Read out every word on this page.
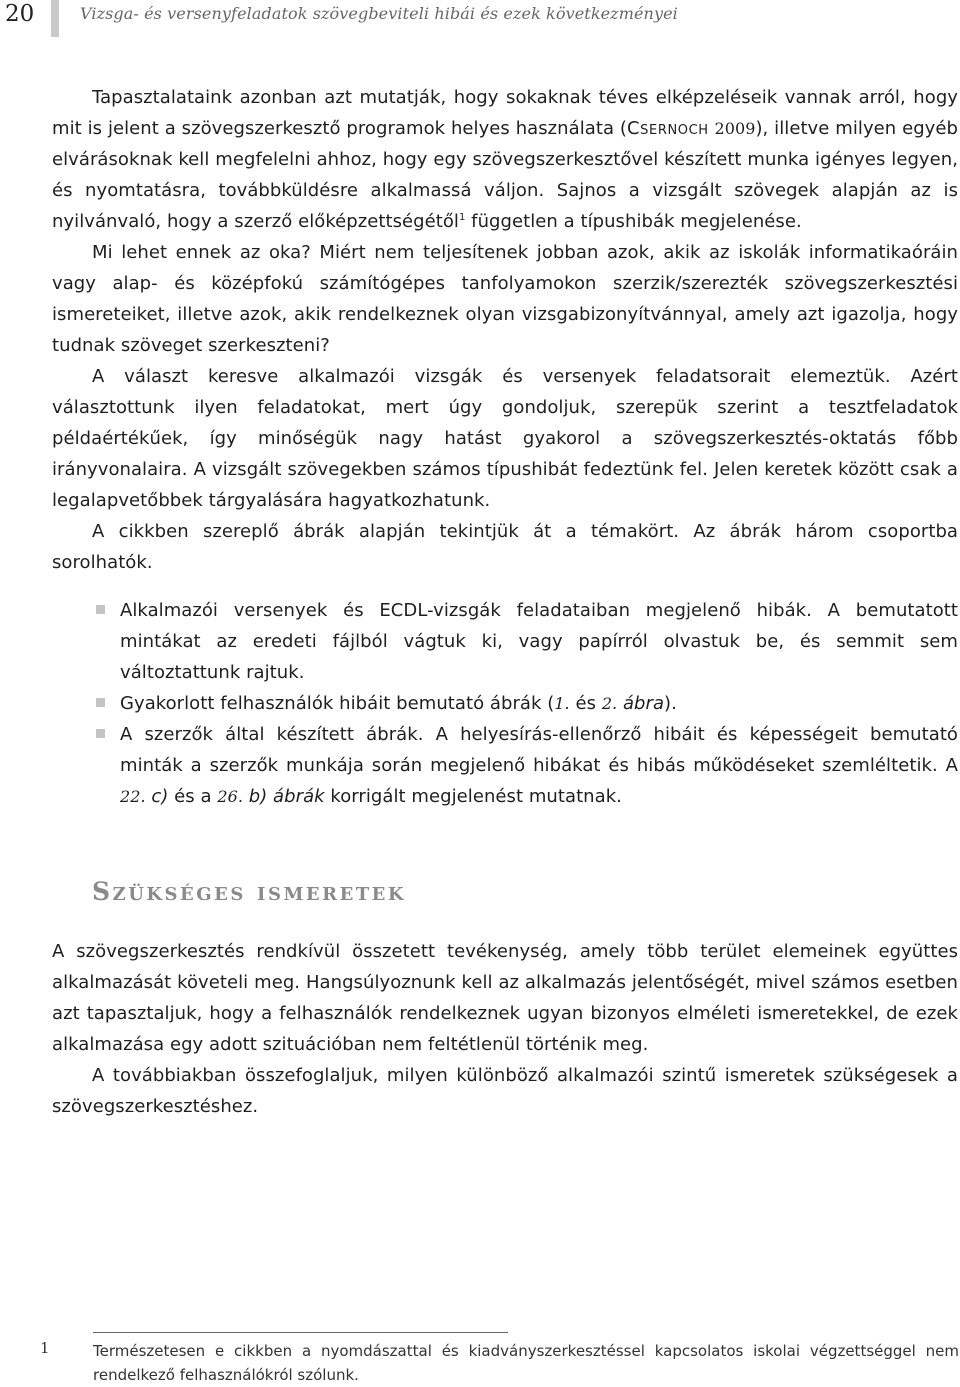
20	Vizsga- és versenyfeladatok szövegbeviteli hibái és ezek következményei

Tapasztalataink azonban azt mutatják, hogy sokaknak téves elképzeléseik vannak arról, hogy mit is jelent a szövegszerkesztő programok helyes használata (Csernoch 2009), illetve milyen egyéb elvárásoknak kell megfelelni ahhoz, hogy egy szövegszerkesztővel készített munka igényes legyen, és nyomtatásra, továbbküldésre alkalmassá váljon. Sajnos a vizsgált szövegek alapján az is nyilvánvaló, hogy a szerző előképzettségétől$^1$ független a típushibák megjelenése.

Mi lehet ennek az oka? Miért nem teljesítenek jobban azok, akik az iskolák informatikaóráin vagy alap- és középfokú számítógépes tanfolyamokon szerzik/szerezték szövegszerkesztési ismereteiket, illetve azok, akik rendelkeznek olyan vizsgabizonyítvánnyal, amely azt igazolja, hogy tudnak szöveget szerkeszteni?

A választ keresve alkalmazói vizsgák és versenyek feladatsorait elemeztük. Azért választottunk ilyen feladatokat, mert úgy gondoljuk, szerepük szerint a tesztfeladatok példaértékűek, így minőségük nagy hatást gyakorol a szövegszerkesztés-oktatás főbb irányvonalaira. A vizsgált szövegekben számos típushibát fedeztünk fel. Jelen keretek között csak a legalapvetőbbek tárgyalására hagyatkozhatunk.

A cikkben szereplő ábrák alapján tekintjük át a témakört. Az ábrák három csoportba sorolhatók.

Alkalmazói versenyek és ECDL-vizsgák feladataiban megjelenő hibák. A bemutatott mintákat az eredeti fájlból vágtuk ki, vagy papírról olvastuk be, és semmit sem változtattunk rajtuk.
Gyakorlott felhasználók hibáit bemutató ábrák (1. és 2. ábra).
A szerzők által készített ábrák. A helyesírás-ellenőrző hibáit és képességeit bemutató minták a szerzők munkája során megjelenő hibákat és hibás működéseket szemléltetik. A 22. c) és a 26. b) ábrák korrigált megjelenést mutatnak.
Szükséges ismeretek

A szövegszerkesztés rendkívül összetett tevékenység, amely több terület elemeinek együttes alkalmazását követeli meg. Hangsúlyoznunk kell az alkalmazás jelentőségét, mivel számos esetben azt tapasztaljuk, hogy a felhasználók rendelkeznek ugyan bizonyos elméleti ismeretekkel, de ezek alkalmazása egy adott szituációban nem feltétlenül történik meg.

A továbbiakban összefoglaljuk, milyen különböző alkalmazói szintű ismeretek szükségesek a szövegszerkesztéshez.

1	Természetesen e cikkben a nyomdászattal és kiadványszerkesztéssel kapcsolatos iskolai végzettséggel nem rendelkező felhasználókról szólunk.
